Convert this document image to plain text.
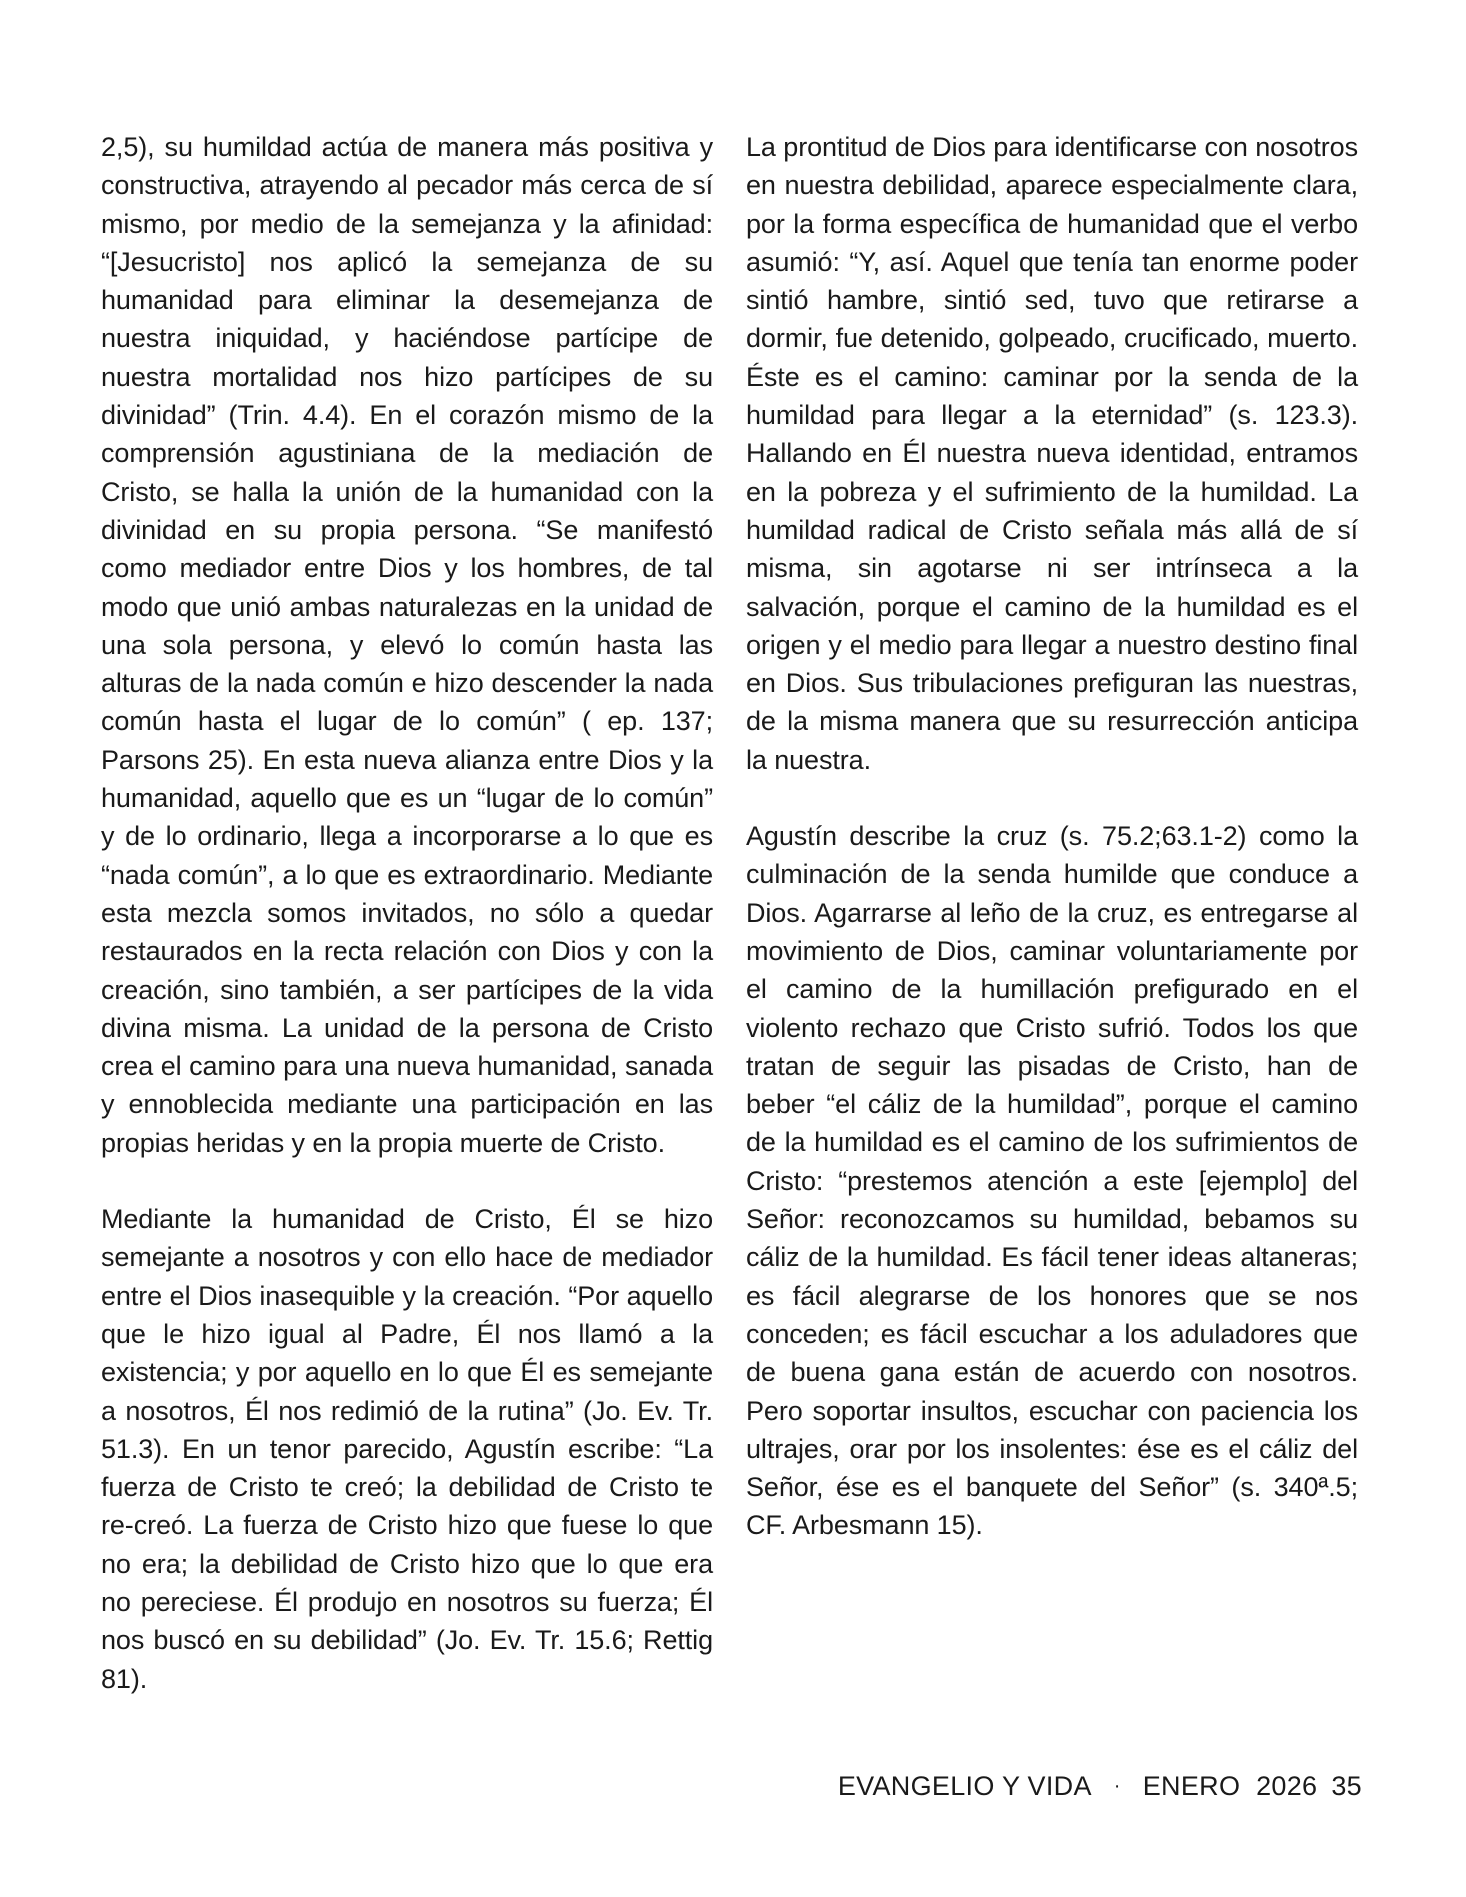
2,5), su humildad actúa de manera más positiva y constructiva, atrayendo al pecador más cerca de sí mismo, por medio de la semejanza y la afinidad: “[Jesucristo] nos aplicó la semejanza de su humanidad para eliminar la desemejanza de nuestra iniquidad, y haciéndose partícipe de nuestra mortalidad nos hizo partícipes de su divinidad” (Trin. 4.4). En el corazón mismo de la comprensión agustiniana de la mediación de Cristo, se halla la unión de la humanidad con la divinidad en su propia persona. “Se manifestó como mediador entre Dios y los hombres, de tal modo que unió ambas naturalezas en la unidad de una sola persona, y elevó lo común hasta las alturas de la nada común e hizo descender la nada común hasta el lugar de lo común” ( ep. 137; Parsons 25). En esta nueva alianza entre Dios y la humanidad, aquello que es un “lugar de lo común” y de lo ordinario, llega a incorporarse a lo que es “nada común”, a lo que es extraordinario. Mediante esta mezcla somos invitados, no sólo a quedar restaurados en la recta relación con Dios y con la creación, sino también, a ser partícipes de la vida divina misma. La unidad de la persona de Cristo crea el camino para una nueva humanidad, sanada y ennoblecida mediante una participación en las propias heridas y en la propia muerte de Cristo.

Mediante la humanidad de Cristo, Él se hizo semejante a nosotros y con ello hace de mediador entre el Dios inasequible y la creación. “Por aquello que le hizo igual al Padre, Él nos llamó a la existencia; y por aquello en lo que Él es semejante a nosotros, Él nos redimió de la rutina” (Jo. Ev. Tr. 51.3). En un tenor parecido, Agustín escribe: “La fuerza de Cristo te creó; la debilidad de Cristo te re-creó. La fuerza de Cristo hizo que fuese lo que no era; la debilidad de Cristo hizo que lo que era no pereciese. Él produjo en nosotros su fuerza; Él nos buscó en su debilidad” (Jo. Ev. Tr. 15.6; Rettig 81).

La prontitud de Dios para identificarse con nosotros en nuestra debilidad, aparece especialmente clara, por la forma específica de humanidad que el verbo asumió: “Y, así. Aquel que tenía tan enorme poder sintió hambre, sintió sed, tuvo que retirarse a dormir, fue detenido, golpeado, crucificado, muerto. Éste es el camino: caminar por la senda de la humildad para llegar a la eternidad” (s. 123.3). Hallando en Él nuestra nueva identidad, entramos en la pobreza y el sufrimiento de la humildad. La humildad radical de Cristo señala más allá de sí misma, sin agotarse ni ser intrínseca a la salvación, porque el camino de la humildad es el origen y el medio para llegar a nuestro destino final en Dios. Sus tribulaciones prefiguran las nuestras, de la misma manera que su resurrección anticipa la nuestra.

Agustín describe la cruz (s. 75.2;63.1-2) como la culminación de la senda humilde que conduce a Dios. Agarrarse al leño de la cruz, es entregarse al movimiento de Dios, caminar voluntariamente por el camino de la humillación prefigurado en el violento rechazo que Cristo sufrió. Todos los que tratan de seguir las pisadas de Cristo, han de beber “el cáliz de la humildad”, porque el camino de la humildad es el camino de los sufrimientos de Cristo: “prestemos atención a este [ejemplo] del Señor: reconozcamos su humildad, bebamos su cáliz de la humildad. Es fácil tener ideas altaneras; es fácil alegrarse de los honores que se nos conceden; es fácil escuchar a los aduladores que de buena gana están de acuerdo con nosotros. Pero soportar insultos, escuchar con paciencia los ultrajes, orar por los insolentes: ése es el cáliz del Señor, ése es el banquete del Señor” (s. 340ª.5; CF. Arbesmann 15).

EVANGELIO Y VIDA · ENERO 2026 35
